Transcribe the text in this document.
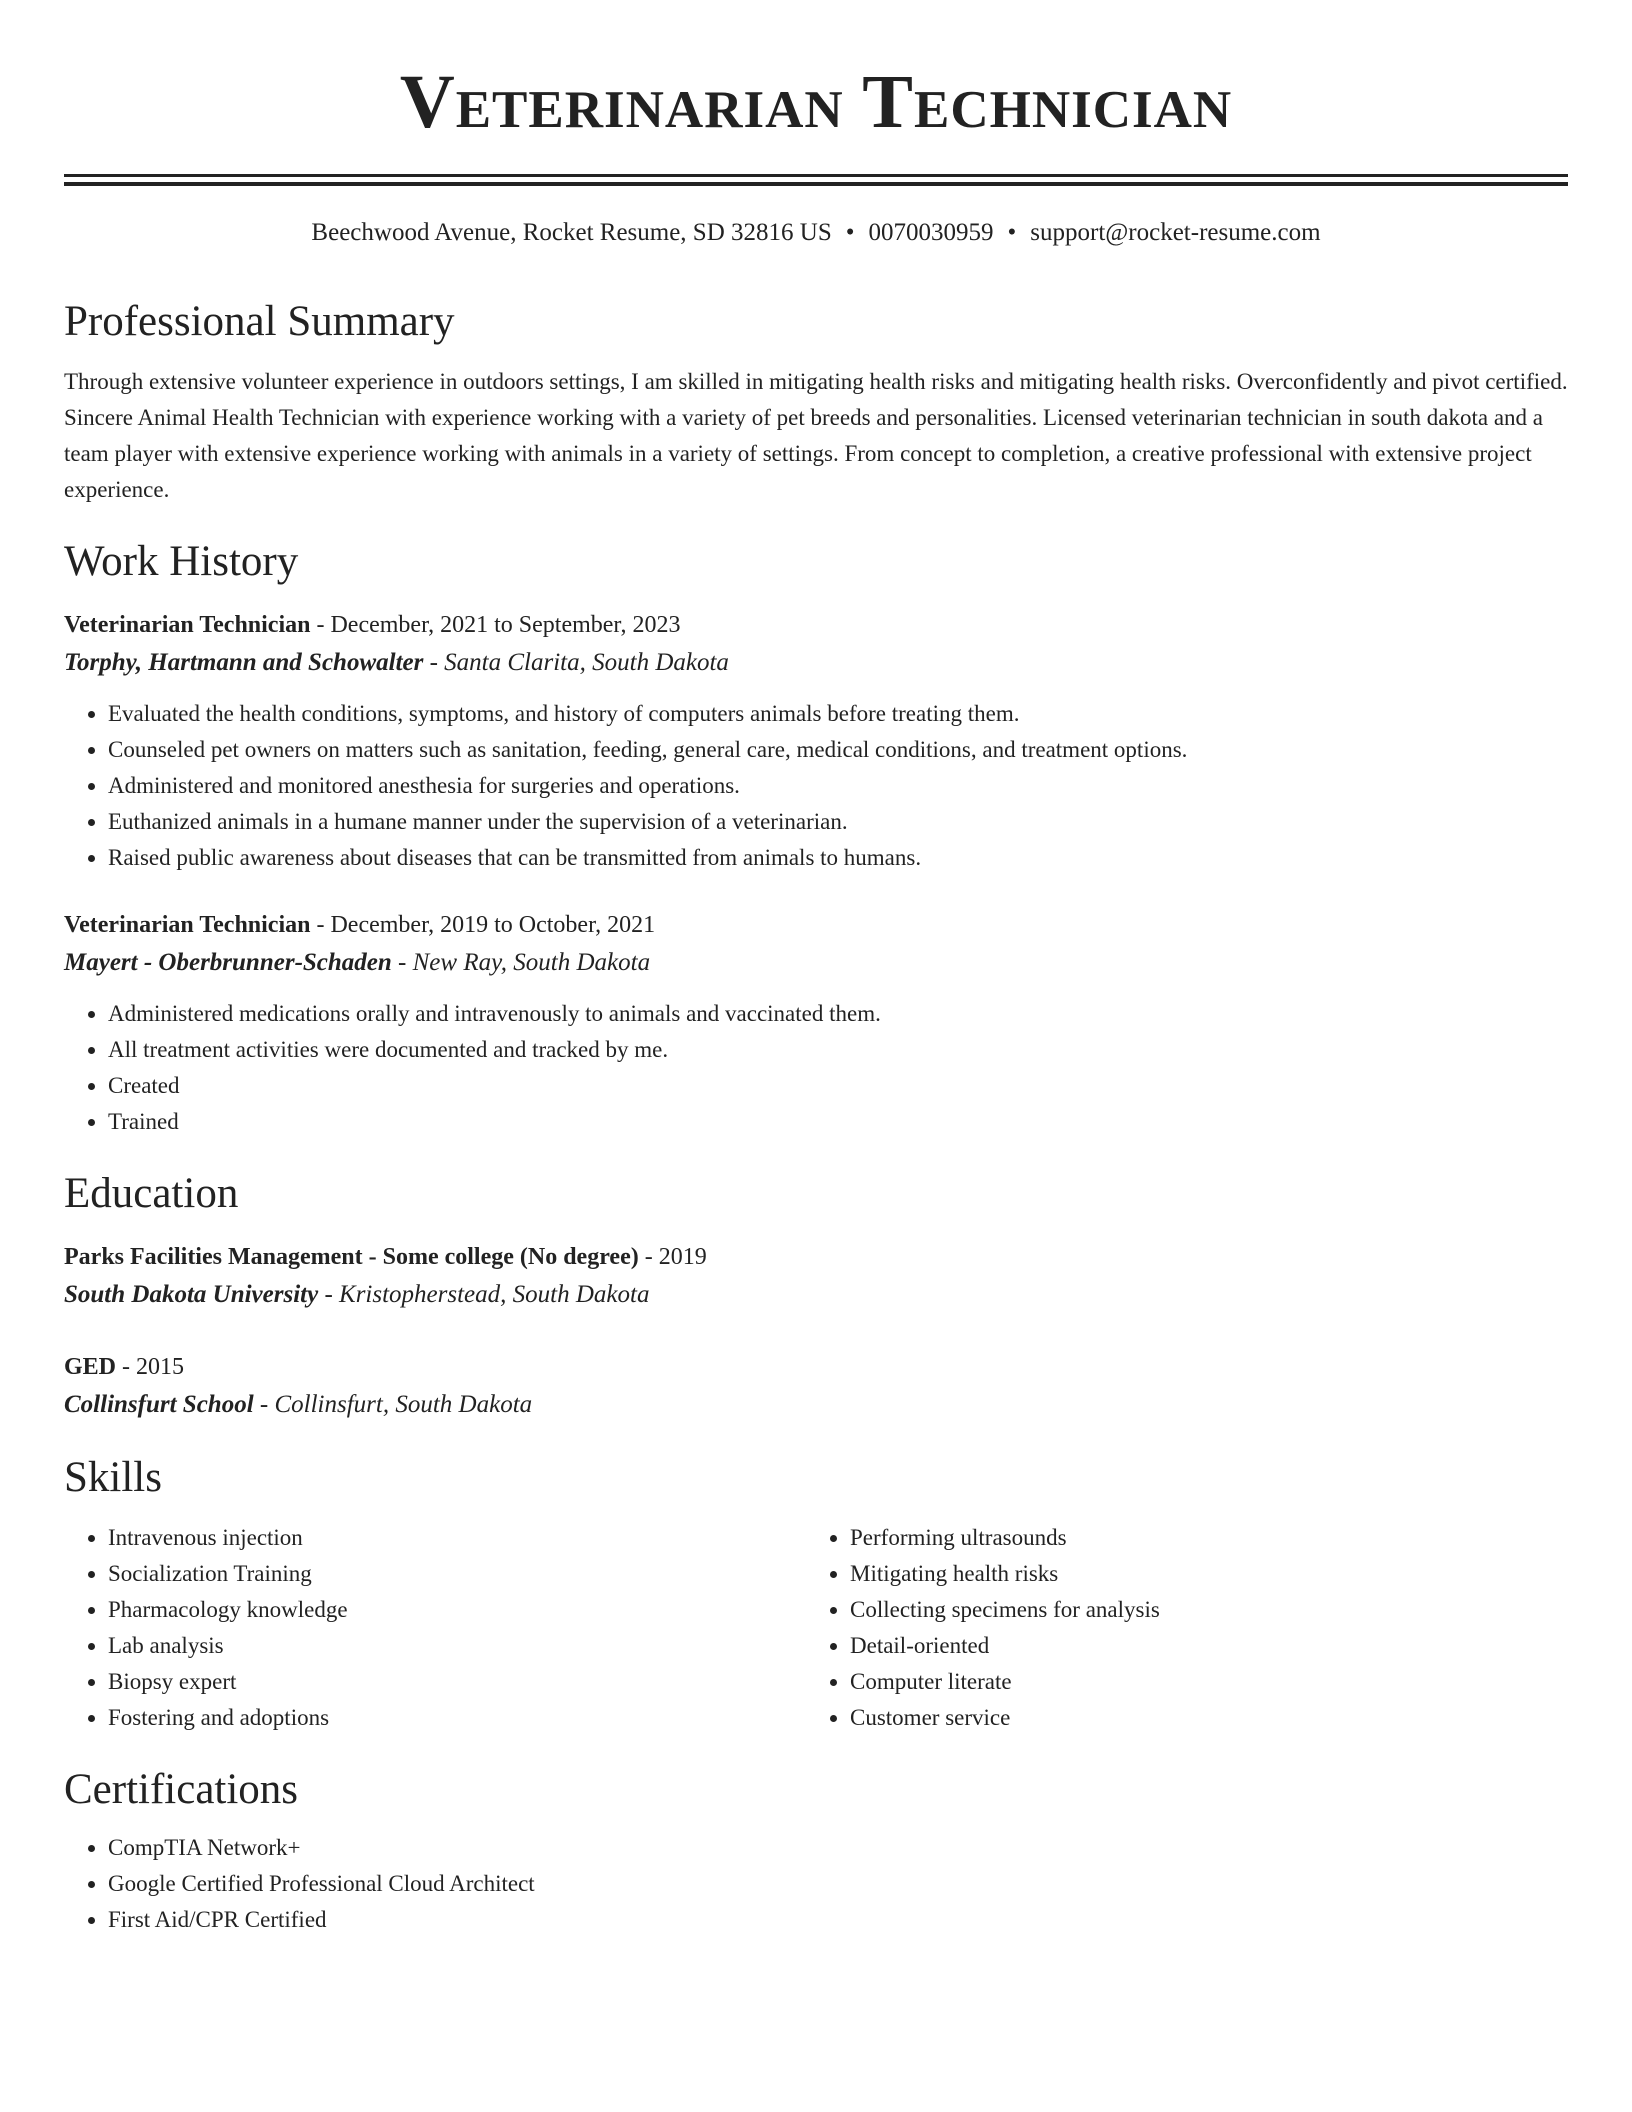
Veterinarian Technician
Beechwood Avenue, Rocket Resume, SD 32816 US • 0070030959 • support@rocket-resume.com
Professional Summary
Through extensive volunteer experience in outdoors settings, I am skilled in mitigating health risks and mitigating health risks. Overconfidently and pivot certified. Sincere Animal Health Technician with experience working with a variety of pet breeds and personalities. Licensed veterinarian technician in south dakota and a team player with extensive experience working with animals in a variety of settings. From concept to completion, a creative professional with extensive project experience.
Work History
Veterinarian Technician - December, 2021 to September, 2023
Torphy, Hartmann and Schowalter - Santa Clarita, South Dakota
• Evaluated the health conditions, symptoms, and history of computers animals before treating them.
• Counseled pet owners on matters such as sanitation, feeding, general care, medical conditions, and treatment options.
• Administered and monitored anesthesia for surgeries and operations.
• Euthanized animals in a humane manner under the supervision of a veterinarian.
• Raised public awareness about diseases that can be transmitted from animals to humans.
Veterinarian Technician - December, 2019 to October, 2021
Mayert - Oberbrunner-Schaden - New Ray, South Dakota
• Administered medications orally and intravenously to animals and vaccinated them.
• All treatment activities were documented and tracked by me.
• Created
• Trained
Education
Parks Facilities Management - Some college (No degree) - 2019
South Dakota University - Kristopherstead, South Dakota
GED - 2015
Collinsfurt School - Collinsfurt, South Dakota
Skills
• Intravenous injection
• Socialization Training
• Pharmacology knowledge
• Lab analysis
• Biopsy expert
• Fostering and adoptions
• Performing ultrasounds
• Mitigating health risks
• Collecting specimens for analysis
• Detail-oriented
• Computer literate
• Customer service
Certifications
• CompTIA Network+
• Google Certified Professional Cloud Architect
• First Aid/CPR Certified
